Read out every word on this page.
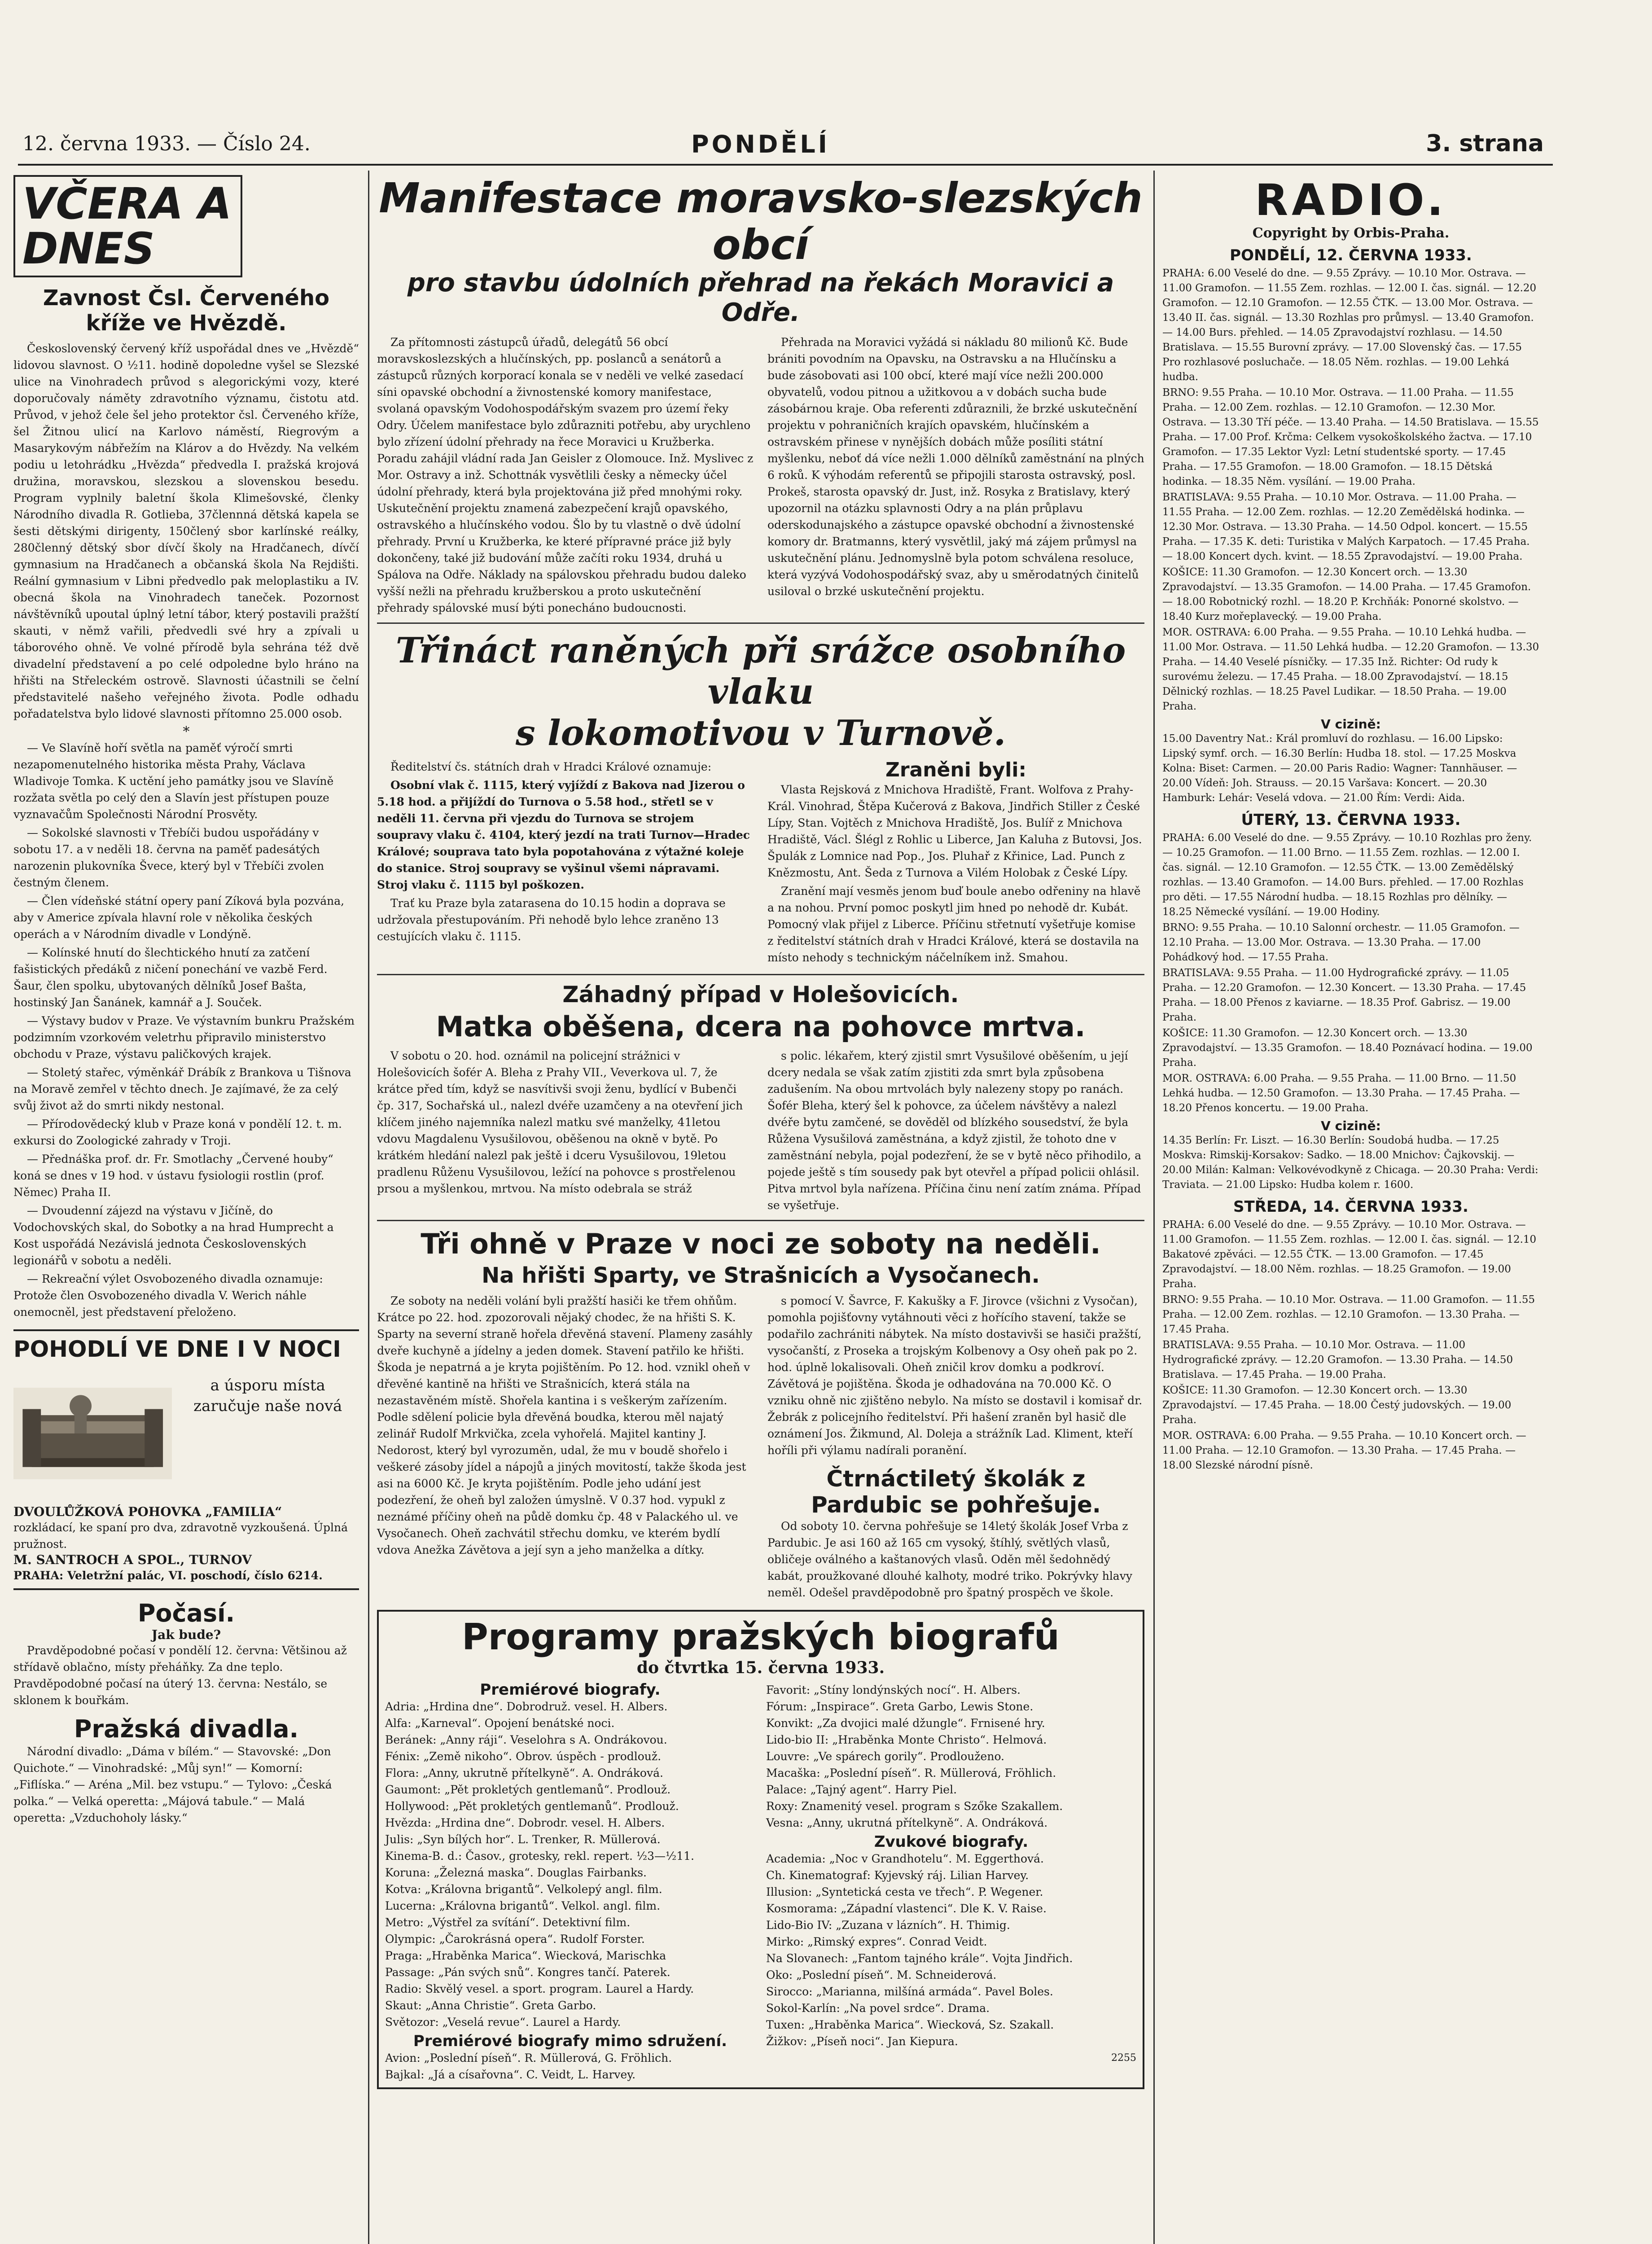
12. června 1933. — Číslo 24.	PONDĚLÍ	3. strana
VČERA A DNES
Zavnost Čsl. Červeného kříže ve Hvězdě.

Československý červený kříž uspořádal dnes ve „Hvězdě“ lidovou slavnost. O ½11. hodině dopoledne vyšel se Slezské ulice na Vinohradech průvod s alegorickými vozy, které doporučovaly náměty zdravotního významu, čistotu atd. Průvod, v jehož čele šel jeho protektor čsl. Červeného kříže, šel Žitnou ulicí na Karlovo náměstí, Riegrovým a Masarykovým nábřežím na Klárov a do Hvězdy. Na velkém podiu u letohrádku „Hvězda“ předvedla I. pražská krojová družina, moravskou, slezskou a slovenskou besedu. Program vyplnily baletní škola Klimešovské, členky Národního divadla R. Gotlieba, 37člennná dětská kapela se šesti dětskými dirigenty, 150člený sbor karlínské reálky, 280členný dětský sbor dívčí školy na Hradčanech, dívčí gymnasium na Hradčanech a občanská škola Na Rejdišti. Reální gymnasium v Libni předvedlo pak meloplastiku a IV. obecná škola na Vinohradech taneček. Pozornost návštěvníků upoutal úplný letní tábor, který postavili pražští skauti, v němž vařili, předvedli své hry a zpívali u táborového ohně. Ve volné přírodě byla sehrána též dvě divadelní představení a po celé odpoledne bylo hráno na hřišti na Střeleckém ostrově. Slavnosti účastnili se čelní představitelé našeho veřejného života. Podle odhadu pořadatelstva bylo lidové slavnosti přítomno 25.000 osob.

*

— Ve Slavíně hoří světla na paměť výročí smrti nezapomenutelného historika města Prahy, Václava Wladivoje Tomka. K uctění jeho památky jsou ve Slavíně rozžata světla po celý den a Slavín jest přístupen pouze vyznavačům Společnosti Národní Prosvěty.

— Sokolské slavnosti v Třebíči budou uspořádány v sobotu 17. a v neděli 18. června na paměť padesátých narozenin plukovníka Švece, který byl v Třebíči zvolen čestným členem.

— Člen vídeňské státní opery paní Zíková byla pozvána, aby v Americe zpívala hlavní role v několika českých operách a v Národním divadle v Londýně.

— Kolínské hnutí do šlechtického hnutí za zatčení fašistických předáků z ničení ponechání ve vazbě Ferd. Šaur, člen spolku, ubytovaných dělníků Josef Bašta, hostinský Jan Šanánek, kamnář a J. Souček.

— Výstavy budov v Praze. Ve výstavním bunkru Pražském podzimním vzorkovém veletrhu připravilo ministerstvo obchodu v Praze, výstavu paličkových krajek.

— Stoletý stařec, výměnkář Drábík z Brankova u Tišnova na Moravě zemřel v těchto dnech. Je zajímavé, že za celý svůj život až do smrti nikdy nestonal.

— Přírodovědecký klub v Praze koná v pondělí 12. t. m. exkursi do Zoologické zahrady v Troji.

— Přednáška prof. dr. Fr. Smotlachy „Červené houby“ koná se dnes v 19 hod. v ústavu fysiologii rostlin (prof. Němec) Praha II.

— Dvoudenní zájezd na výstavu v Jičíně, do Vodochovských skal, do Sobotky a na hrad Humprecht a Kost uspořádá Nezávislá jednota Československých legionářů v sobotu a neděli.

— Rekreační výlet Osvobozeného divadla oznamuje: Protože člen Osvobozeného divadla V. Werich náhle onemocněl, jest představení přeloženo.

POHODLÍ VE DNE I V NOCI
a úsporu místa zaručuje naše nová
DVOULŮŽKOVÁ POHOVKA „FAMILIA“
rozkládací, ke spaní pro dva, zdravotně vyzkoušená. Úplná pružnost.
M. SANTROCH A SPOL., TURNOV
PRAHA: Veletržní palác, VI. poschodí, číslo 6214.
Počasí.
Jak bude?

Pravděpodobné počasí v pondělí 12. června: Většinou až střídavě oblačno, místy přeháňky. Za dne teplo. Pravděpodobné počasí na úterý 13. června: Nestálo, se sklonem k bouřkám.

Pražská divadla.

Národní divadlo: „Dáma v bílém.“ — Stavovské: „Don Quichote.“ — Vinohradské: „Můj syn!“ — Komorní: „Fiflíska.“ — Aréna „Mil. bez vstupu.“ — Tylovo: „Česká polka.“ — Velká operetta: „Májová tabule.“ — Malá operetta: „Vzduchoholy lásky.“

Manifestace moravsko-slezských obcí
pro stavbu údolních přehrad na řekách Moravici a Odře.

Za přítomnosti zástupců úřadů, delegátů 56 obcí moravskoslezských a hlučínských, pp. poslanců a senátorů a zástupců různých korporací konala se v neděli ve velké zasedací síni opavské obchodní a živnostenské komory manifestace, svolaná opavským Vodohospodářským svazem pro území řeky Odry. Účelem manifestace bylo zdůrazniti potřebu, aby urychleno bylo zřízení údolní přehrady na řece Moravici u Kružberka. Poradu zahájil vládní rada Jan Geisler z Olomouce. Inž. Myslivec z Mor. Ostravy a inž. Schottnák vysvětlili česky a německy účel údolní přehrady, která byla projektována již před mnohými roky. Uskutečnění projektu znamená zabezpečení krajů opavského, ostravského a hlučínského vodou. Šlo by tu vlastně o dvě údolní přehrady. První u Kružberka, ke které přípravné práce již byly dokončeny, také již budování může začíti roku 1934, druhá u Spálova na Odře. Náklady na spálovskou přehradu budou daleko vyšší nežli na přehradu kružberskou a proto uskutečnění přehrady spálovské musí býti ponecháno budoucnosti.

Přehrada na Moravici vyžádá si nákladu 80 milionů Kč. Bude brániti povodním na Opavsku, na Ostravsku a na Hlučínsku a bude zásobovati asi 100 obcí, které mají více nežli 200.000 obyvatelů, vodou pitnou a užitkovou a v dobách sucha bude zásobárnou kraje. Oba referenti zdůraznili, že brzké uskutečnění projektu v pohraničních krajích opavském, hlučínském a ostravském přinese v nynějších dobách může posíliti státní myšlenku, neboť dá více nežli 1.000 dělníků zaměstnání na plných 6 roků. K výhodám referentů se připojili starosta ostravský, posl. Prokeš, starosta opavský dr. Just, inž. Rosyka z Bratislavy, který upozornil na otázku splavnosti Odry a na plán průplavu oderskodunajského a zástupce opavské obchodní a živnostenské komory dr. Bratmanns, který vysvětlil, jaký má zájem průmysl na uskutečnění plánu. Jednomyslně byla potom schválena resoluce, která vyzývá Vodohospodářský svaz, aby u směrodatných činitelů usiloval o brzké uskutečnění projektu.

Třináct raněných při srážce osobního vlaku
s lokomotivou v Turnově.

Ředitelství čs. státních drah v Hradci Králové oznamuje:

Osobní vlak č. 1115, který vyjíždí z Bakova nad Jizerou o 5.18 hod. a přijíždí do Turnova o 5.58 hod., střetl se v neděli 11. června při vjezdu do Turnova se strojem soupravy vlaku č. 4104, který jezdí na trati Turnov—Hradec Králové; souprava tato byla popotahována z výtažné koleje do stanice. Stroj soupravy se vyšinul všemi nápravami. Stroj vlaku č. 1115 byl poškozen.

Trať ku Praze byla zatarasena do 10.15 hodin a doprava se udržovala přestupováním. Při nehodě bylo lehce zraněno 13 cestujících vlaku č. 1115.

Zraněni byli:

Vlasta Rejsková z Mnichova Hradiště, Frant. Wolfova z Prahy-Král. Vinohrad, Štěpa Kučerová z Bakova, Jindřich Stiller z České Lípy, Stan. Vojtěch z Mnichova Hradiště, Jos. Bulíř z Mnichova Hradiště, Václ. Šlégl z Rohlic u Liberce, Jan Kaluha z Butovsi, Jos. Špulák z Lomnice nad Pop., Jos. Pluhař z Křinice, Lad. Punch z Knězmostu, Ant. Šeda z Turnova a Vilém Holobak z České Lípy.

Zranění mají vesměs jenom buď boule anebo odřeniny na hlavě a na nohou. První pomoc poskytl jim hned po nehodě dr. Kubát. Pomocný vlak přijel z Liberce. Příčinu střetnutí vyšetřuje komise z ředitelství státních drah v Hradci Králové, která se dostavila na místo nehody s technickým náčelníkem inž. Smahou.

Záhadný případ v Holešovicích.
Matka oběšena, dcera na pohovce mrtva.

V sobotu o 20. hod. oznámil na policejní strážnici v Holešovicích šofér A. Bleha z Prahy VII., Veverkova ul. 7, že krátce před tím, když se nasvítivši svoji ženu, bydlící v Bubenči čp. 317, Sochařská ul., nalezl dvéře uzamčeny a na otevření jich klíčem jiného najemníka nalezl matku své manželky, 41letou vdovu Magdalenu Vysušilovou, oběšenou na okně v bytě. Po krátkém hledání nalezl pak ještě i dceru Vysušilovou, 19letou pradlenu Růženu Vysušilovou, ležící na pohovce s prostřelenou prsou a myšlenkou, mrtvou. Na místo odebrala se stráž

s polic. lékařem, který zjistil smrt Vysušilové oběšením, u její dcery nedala se však zatím zjistiti zda smrt byla způsobena zadušením. Na obou mrtvolách byly nalezeny stopy po ranách. Šofér Bleha, který šel k pohovce, za účelem návštěvy a nalezl dvéře bytu zamčené, se dověděl od blízkého sousedství, že byla Růžena Vysušilová zaměstnána, a když zjistil, že tohoto dne v zaměstnání nebyla, pojal podezření, že se v bytě něco přihodilo, a pojede ještě s tím sousedy pak byt otevřel a případ policii ohlásil. Pitva mrtvol byla nařízena. Příčina činu není zatím známa. Případ se vyšetřuje.

Tři ohně v Praze v noci ze soboty na neděli.
Na hřišti Sparty, ve Strašnicích a Vysočanech.

Ze soboty na neděli volání byli pražští hasiči ke třem ohňům. Krátce po 22. hod. zpozorovali nějaký chodec, že na hřišti S. K. Sparty na severní straně hořela dřevěná stavení. Plameny zasáhly dveře kuchyně a jídelny a jeden domek. Stavení patřilo ke hřišti. Škoda je nepatrná a je kryta pojištěním. Po 12. hod. vznikl oheň v dřevěné kantině na hřišti ve Strašnicích, která stála na nezastavěném místě. Shořela kantina i s veškerým zařízením. Podle sdělení policie byla dřevěná boudka, kterou měl najatý zelinář Rudolf Mrkvička, zcela vyhořelá. Majitel kantiny J. Nedorost, který byl vyrozuměn, udal, že mu v boudě shořelo i veškeré zásoby jídel a nápojů a jiných movitostí, takže škoda jest asi na 6000 Kč. Je kryta pojištěním. Podle jeho udání jest podezření, že oheň byl založen úmyslně. V 0.37 hod. vypukl z neznámé příčiny oheň na půdě domku čp. 48 v Palackého ul. ve Vysočanech. Oheň zachvátil střechu domku, ve kterém bydlí vdova Anežka Závětova a její syn a jeho manželka a dítky.

s pomocí V. Šavrce, F. Kakušky a F. Jirovce (všichni z Vysočan), pomohla pojišťovny vytáhnouti věci z hořícího stavení, takže se podařilo zachrániti nábytek. Na místo dostavivši se hasiči pražští, vysočanští, z Proseka a trojským Kolbenovy a Osy oheň pak po 2. hod. úplně lokalisovali. Oheň zničil krov domku a podkroví. Závětová je pojištěna. Škoda je odhadována na 70.000 Kč. O vzniku ohně nic zjištěno nebylo. Na místo se dostavil i komisař dr. Žebrák z policejního ředitelství. Při hašení zraněn byl hasič dle oznámení Jos. Žikmund, Al. Doleja a strážník Lad. Kliment, kteří hoříli při výlamu nadírali poranění.

Čtrnáctiletý školák z Pardubic se pohřešuje.

Od soboty 10. června pohřešuje se 14letý školák Josef Vrba z Pardubic. Je asi 160 až 165 cm vysoký, štíhlý, světlých vlasů, obličeje oválného a kaštanových vlasů. Oděn měl šedohnědý kabát, proužkované dlouhé kalhoty, modré triko. Pokrývky hlavy neměl. Odešel pravděpodobně pro špatný prospěch ve škole.

Programy pražských biografů
do čtvrtka 15. června 1933.
Premiérové biografy.
Adria: „Hrdina dne“. Dobrodruž. vesel. H. Albers.
Alfa: „Karneval“. Opojení benátské noci.
Beránek: „Anny ráji“. Veselohra s A. Ondrákovou.
Fénix: „Země nikoho“. Obrov. úspěch - prodlouž.
Flora: „Anny, ukrutně přítelkyně“. A. Ondráková.
Gaumont: „Pět prokletých gentlemanů“. Prodlouž.
Hollywood: „Pět prokletých gentlemanů“. Prodlouž.
Hvězda: „Hrdina dne“. Dobrodr. vesel. H. Albers.
Julis: „Syn bílých hor“. L. Trenker, R. Müllerová.
Kinema-B. d.: Časov., grotesky, rekl. repert. ½3—½11.
Koruna: „Železná maska“. Douglas Fairbanks.
Kotva: „Královna brigantů“. Velkolepý angl. film.
Lucerna: „Královna brigantů“. Velkol. angl. film.
Metro: „Výstřel za svítání“. Detektivní film.
Olympic: „Čarokrásná opera“. Rudolf Forster.
Praga: „Hraběnka Marica“. Wiecková, Marischka
Passage: „Pán svých snů“. Kongres tančí. Paterek.
Radio: Skvělý vesel. a sport. program. Laurel a Hardy.
Skaut: „Anna Christie“. Greta Garbo.
Světozor: „Veselá revue“. Laurel a Hardy.
Premiérové biografy mimo sdružení.
Avion: „Poslední píseň“. R. Müllerová, G. Fröhlich.
Bajkal: „Já a císařovna“. C. Veidt, L. Harvey.
Favorit: „Stíny londýnských nocí“. H. Albers.
Fórum: „Inspirace“. Greta Garbo, Lewis Stone.
Konvikt: „Za dvojici malé džungle“. Frnisené hry.
Lido-bio II: „Hraběnka Monte Christo“. Helmová.
Louvre: „Ve spárech gorily“. Prodlouženo.
Macaška: „Poslední píseň“. R. Müllerová, Fröhlich.
Palace: „Tajný agent“. Harry Piel.
Roxy: Znamenitý vesel. program s Szőke Szakallem.
Vesna: „Anny, ukrutná přítelkyně“. A. Ondráková.
Zvukové biografy.
Academia: „Noc v Grandhotelu“. M. Eggerthová.
Ch. Kinematograf: Kyjevský ráj. Lilian Harvey.
Illusion: „Syntetická cesta ve třech“. P. Wegener.
Kosmorama: „Západní vlastenci“. Dle K. V. Raise.
Lido-Bio IV: „Zuzana v lázních“. H. Thimig.
Mirko: „Rimský expres“. Conrad Veidt.
Na Slovanech: „Fantom tajného krále“. Vojta Jindřich.
Oko: „Poslední píseň“. M. Schneiderová.
Sirocco: „Marianna, milšíná armáda“. Pavel Boles.
Sokol-Karlín: „Na povel srdce“. Drama.
Tuxen: „Hraběnka Marica“. Wiecková, Sz. Szakall.
Žižkov: „Píseň noci“. Jan Kiepura.
2255
RADIO.
Copyright by Orbis-Praha.
PONDĚLÍ, 12. ČERVNA 1933.

PRAHA: 6.00 Veselé do dne. — 9.55 Zprávy. — 10.10 Mor. Ostrava. — 11.00 Gramofon. — 11.55 Zem. rozhlas. — 12.00 I. čas. signál. — 12.20 Gramofon. — 12.10 Gramofon. — 12.55 ČTK. — 13.00 Mor. Ostrava. — 13.40 II. čas. signál. — 13.30 Rozhlas pro průmysl. — 13.40 Gramofon. — 14.00 Burs. přehled. — 14.05 Zpravodajství rozhlasu. — 14.50 Bratislava. — 15.55 Burovní zprávy. — 17.00 Slovenský čas. — 17.55 Pro rozhlasové posluchače. — 18.05 Něm. rozhlas. — 19.00 Lehká hudba.

BRNO: 9.55 Praha. — 10.10 Mor. Ostrava. — 11.00 Praha. — 11.55 Praha. — 12.00 Zem. rozhlas. — 12.10 Gramofon. — 12.30 Mor. Ostrava. — 13.30 Tří péče. — 13.40 Praha. — 14.50 Bratislava. — 15.55 Praha. — 17.00 Prof. Krčma: Celkem vysokoškolského žactva. — 17.10 Gramofon. — 17.35 Lektor Vyzl: Letní studentské sporty. — 17.45 Praha. — 17.55 Gramofon. — 18.00 Gramofon. — 18.15 Dětská hodinka. — 18.35 Něm. vysílání. — 19.00 Praha.

BRATISLAVA: 9.55 Praha. — 10.10 Mor. Ostrava. — 11.00 Praha. — 11.55 Praha. — 12.00 Zem. rozhlas. — 12.20 Zemědělská hodinka. — 12.30 Mor. Ostrava. — 13.30 Praha. — 14.50 Odpol. koncert. — 15.55 Praha. — 17.35 K. deti: Turistika v Malých Karpatoch. — 17.45 Praha. — 18.00 Koncert dych. kvint. — 18.55 Zpravodajství. — 19.00 Praha.

KOŠICE: 11.30 Gramofon. — 12.30 Koncert orch. — 13.30 Zpravodajství. — 13.35 Gramofon. — 14.00 Praha. — 17.45 Gramofon. — 18.00 Robotnický rozhl. — 18.20 P. Krchňák: Ponorné skolstvo. — 18.40 Kurz mořeplavecký. — 19.00 Praha.

MOR. OSTRAVA: 6.00 Praha. — 9.55 Praha. — 10.10 Lehká hudba. — 11.00 Mor. Ostrava. — 11.50 Lehká hudba. — 12.20 Gramofon. — 13.30 Praha. — 14.40 Veselé písničky. — 17.35 Inž. Richter: Od rudy k surovému železu. — 17.45 Praha. — 18.00 Zpravodajství. — 18.15 Dělnický rozhlas. — 18.25 Pavel Ludikar. — 18.50 Praha. — 19.00 Praha.

V cizině:

15.00 Daventry Nat.: Král promluví do rozhlasu. — 16.00 Lipsko: Lipský symf. orch. — 16.30 Berlín: Hudba 18. stol. — 17.25 Moskva Kolna: Biset: Carmen. — 20.00 Paris Radio: Wagner: Tannhäuser. — 20.00 Vídeň: Joh. Strauss. — 20.15 Varšava: Koncert. — 20.30 Hamburk: Lehár: Veselá vdova. — 21.00 Řím: Verdi: Aida.

ÚTERÝ, 13. ČERVNA 1933.

PRAHA: 6.00 Veselé do dne. — 9.55 Zprávy. — 10.10 Rozhlas pro ženy. — 10.25 Gramofon. — 11.00 Brno. — 11.55 Zem. rozhlas. — 12.00 I. čas. signál. — 12.10 Gramofon. — 12.55 ČTK. — 13.00 Zemědělský rozhlas. — 13.40 Gramofon. — 14.00 Burs. přehled. — 17.00 Rozhlas pro děti. — 17.55 Národní hudba. — 18.15 Rozhlas pro dělníky. — 18.25 Německé vysílání. — 19.00 Hodiny.

BRNO: 9.55 Praha. — 10.10 Salonní orchestr. — 11.05 Gramofon. — 12.10 Praha. — 13.00 Mor. Ostrava. — 13.30 Praha. — 17.00 Pohádkový hod. — 17.55 Praha.

BRATISLAVA: 9.55 Praha. — 11.00 Hydrografické zprávy. — 11.05 Praha. — 12.20 Gramofon. — 12.30 Koncert. — 13.30 Praha. — 17.45 Praha. — 18.00 Přenos z kaviarne. — 18.35 Prof. Gabrisz. — 19.00 Praha.

KOŠICE: 11.30 Gramofon. — 12.30 Koncert orch. — 13.30 Zpravodajství. — 13.35 Gramofon. — 18.40 Poznávací hodina. — 19.00 Praha.

MOR. OSTRAVA: 6.00 Praha. — 9.55 Praha. — 11.00 Brno. — 11.50 Lehká hudba. — 12.50 Gramofon. — 13.30 Praha. — 17.45 Praha. — 18.20 Přenos koncertu. — 19.00 Praha.

V cizině:

14.35 Berlín: Fr. Liszt. — 16.30 Berlín: Soudobá hudba. — 17.25 Moskva: Rimskij-Korsakov: Sadko. — 18.00 Mnichov: Čajkovskij. — 20.00 Milán: Kalman: Velkovévodkyně z Chicaga. — 20.30 Praha: Verdi: Traviata. — 21.00 Lipsko: Hudba kolem r. 1600.

STŘEDA, 14. ČERVNA 1933.

PRAHA: 6.00 Veselé do dne. — 9.55 Zprávy. — 10.10 Mor. Ostrava. — 11.00 Gramofon. — 11.55 Zem. rozhlas. — 12.00 I. čas. signál. — 12.10 Bakatové zpěváci. — 12.55 ČTK. — 13.00 Gramofon. — 17.45 Zpravodajství. — 18.00 Něm. rozhlas. — 18.25 Gramofon. — 19.00 Praha.

BRNO: 9.55 Praha. — 10.10 Mor. Ostrava. — 11.00 Gramofon. — 11.55 Praha. — 12.00 Zem. rozhlas. — 12.10 Gramofon. — 13.30 Praha. — 17.45 Praha.

BRATISLAVA: 9.55 Praha. — 10.10 Mor. Ostrava. — 11.00 Hydrografické zprávy. — 12.20 Gramofon. — 13.30 Praha. — 14.50 Bratislava. — 17.45 Praha. — 19.00 Praha.

KOŠICE: 11.30 Gramofon. — 12.30 Koncert orch. — 13.30 Zpravodajství. — 17.45 Praha. — 18.00 Čestý judovských. — 19.00 Praha.

MOR. OSTRAVA: 6.00 Praha. — 9.55 Praha. — 10.10 Koncert orch. — 11.00 Praha. — 12.10 Gramofon. — 13.30 Praha. — 17.45 Praha. — 18.00 Slezské národní písně.
